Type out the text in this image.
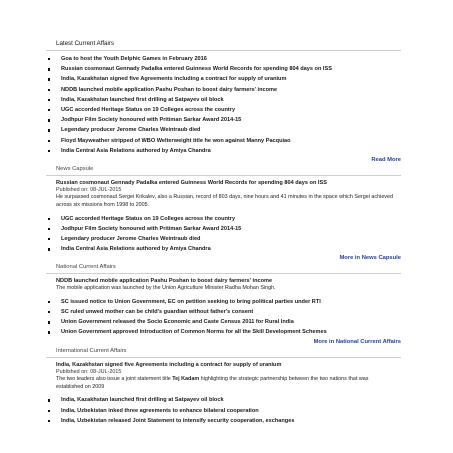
Latest Current Affairs
Goa to host the Youth Delphic Games in February 2016
Russian cosmonaut Gennady Padalka entered Guinness World Records for spending 804 days on ISS
India, Kazakhstan signed five Agreements including a contract for supply of uranium
NDDB launched mobile application Pashu Poshan to boost dairy farmers' income
India, Kazakhstan launched first drilling at Satpayev oil block
UGC accorded Heritage Status on 19 Colleges across the country
Jodhpur Film Society honoured with Pritiman Sarkar Award 2014-15
Legendary producer Jerome Charles Weintraub died
Floyd Mayweather stripped of WBO Welterweight title he won against Manny Pacquiao
India Central Asia Relations authored by Amiya Chandra
Read More
News Capsule
Russian cosmonaut Gennady Padalka entered Guinness World Records for spending 804 days on ISS
Published on: 08-JUL-2015
He surpassed cosmonaut Sergei Krikalev, also a Russian, record of 803 days, nine hours and 41 minutes in the space which Sergei achieved across six missions from 1998 to 2005.
UGC accorded Heritage Status on 19 Colleges across the country
Jodhpur Film Society honoured with Pritiman Sarkar Award 2014-15
Legendary producer Jerome Charles Weintraub died
India Central Asia Relations authored by Amiya Chandra
More in News Capsule
National Current Affairs
NDDB launched mobile application Pashu Poshan to boost dairy farmers' income
The mobile application was launched by the Union Agriculture Minister Radha Mohan Singh.
SC issued notice to Union Government, EC on petition seeking to bring political parties under RTI
SC ruled unwed mother can be child's guardian without father's consent
Union Government released the Socio Economic and Caste Census 2011 for Rural India
Union Government approved introduction of Common Norms for all the Skill Development Schemes
More in National Current Affairs
International Current Affairs
India, Kazakhstan signed five Agreements including a contract for supply of uranium
Published on: 08-JUL-2015
The two leaders also issue a joint statement title Tej Kadam highlighting the strategic partnership between the two nations that was established on 2009
India, Kazakhstan launched first drilling at Satpayev oil block
India, Uzbekistan inked three agreements to enhance bilateral cooperation
India, Uzbekistan released Joint Statement to intensify security cooperation, exchanges
